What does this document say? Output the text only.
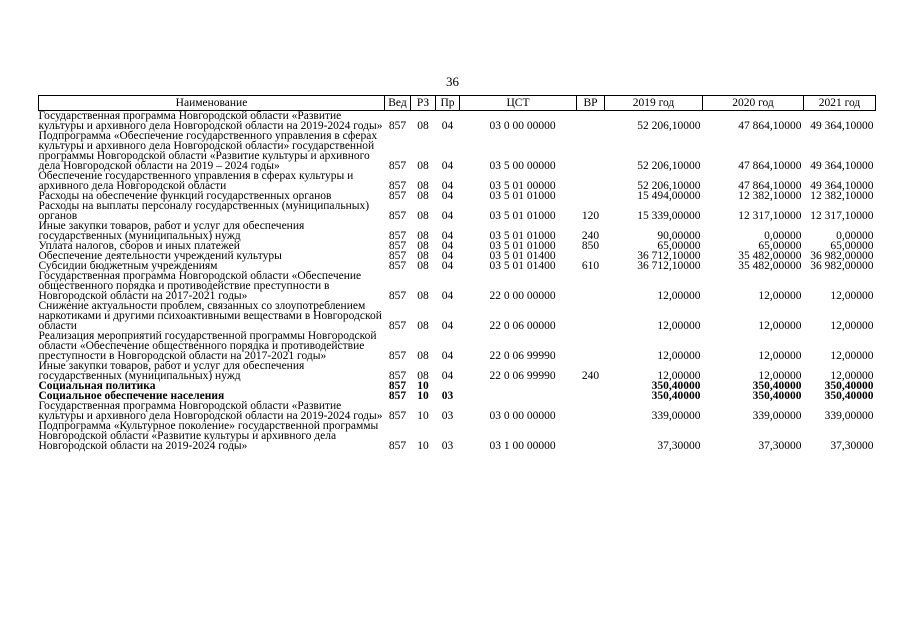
36
Наименование	Вед	РЗ	Пр	ЦСТ	ВР	2019 год	2020 год	2021 год
Государственная программа Новгородской области «Развитие культуры и архивного дела Новгородской области на 2019-2024 годы»	857	08	04	03 0 00 00000		52 206,10000	47 864,10000	49 364,10000
Подпрограмма «Обеспечение государственного управления в сферах культуры и архивного дела Новгородской области» государственной программы Новгородской области «Развитие культуры и архивного дела Новгородской области на 2019 – 2024 годы»	857	08	04	03 5 00 00000		52 206,10000	47 864,10000	49 364,10000
Обеспечение государственного управления в сферах культуры и архивного дела Новгородской области	857	08	04	03 5 01 00000		52 206,10000	47 864,10000	49 364,10000
Расходы на обеспечение функций государственных органов	857	08	04	03 5 01 01000		15 494,00000	12 382,10000	12 382,10000
Расходы на выплаты персоналу государственных (муниципальных) органов	857	08	04	03 5 01 01000	120	15 339,00000	12 317,10000	12 317,10000
Иные закупки товаров, работ и услуг для обеспечения государственных (муниципальных) нужд	857	08	04	03 5 01 01000	240	90,00000	0,00000	0,00000
Уплата налогов, сборов и иных платежей	857	08	04	03 5 01 01000	850	65,00000	65,00000	65,00000
Обеспечение деятельности учреждений культуры	857	08	04	03 5 01 01400		36 712,10000	35 482,00000	36 982,00000
Субсидии бюджетным учреждениям	857	08	04	03 5 01 01400	610	36 712,10000	35 482,00000	36 982,00000
Государственная программа Новгородской области «Обеспечение общественного порядка и противодействие преступности в Новгородской области на 2017-2021 годы»	857	08	04	22 0 00 00000		12,00000	12,00000	12,00000
Снижение актуальности проблем, связанных со злоупотреблением наркотиками и другими психоактивными веществами в Новгородской области	857	08	04	22 0 06 00000		12,00000	12,00000	12,00000
Реализация мероприятий государственной программы Новгородской области «Обеспечение общественного порядка и противодействие преступности в Новгородской области на 2017-2021 годы»	857	08	04	22 0 06 99990		12,00000	12,00000	12,00000
Иные закупки товаров, работ и услуг для обеспечения государственных (муниципальных) нужд	857	08	04	22 0 06 99990	240	12,00000	12,00000	12,00000
Социальная политика	857	10				350,40000	350,40000	350,40000
Социальное обеспечение населения	857	10	03			350,40000	350,40000	350,40000
Государственная программа Новгородской области «Развитие культуры и архивного дела Новгородской области на 2019-2024 годы»	857	10	03	03 0 00 00000		339,00000	339,00000	339,00000
Подпрограмма «Культурное поколение» государственной программы Новгородской области «Развитие культуры и архивного дела Новгородской области на 2019-2024 годы»	857	10	03	03 1 00 00000		37,30000	37,30000	37,30000
